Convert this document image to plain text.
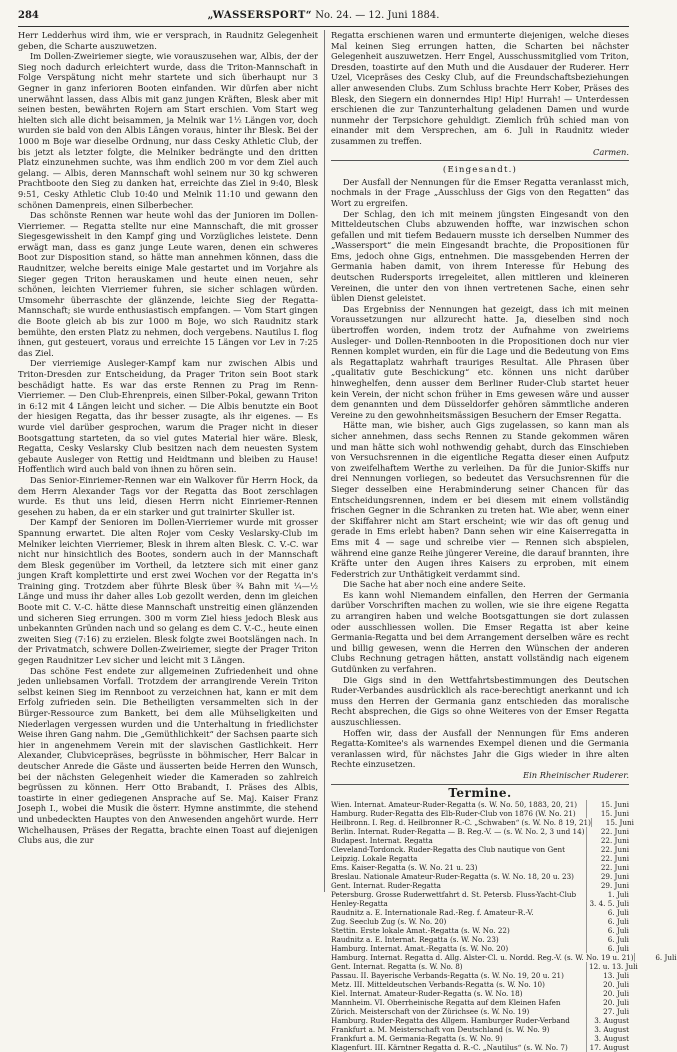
284	„WASSERSPORT“ No. 24. — 12. Juni 1884.

Herr Ledderhus wird ihm, wie er versprach, in Raudnitz Gelegenheit geben, die Scharte auszuwetzen.

Im Dollen-Zweiriemer siegte, wie vorauszusehen war, Albis, der der Sieg noch dadurch erleichtert wurde, dass die Triton-Mannschaft in Folge Verspätung nicht mehr startete und sich überhaupt nur 3 Gegner in ganz inferioren Booten einfanden. Wir dürfen aber nicht unerwähnt lassen, dass Albis mit ganz jungen Kräften, Blesk aber mit seinen besten, bewährten Rojern am Start erschien. Vom Start weg hielten sich alle dicht beisammen, ja Melnik war 1½ Längen vor, doch wurden sie bald von den Albis Längen voraus, hinter ihr Blesk. Bei der 1000 m Boje war dieselbe Ordnung, nur dass Cesky Athletic Club, der bis jetzt als letzter folgte, die Melniker bedrängte und den dritten Platz einzunehmen suchte, was ihm endlich 200 m vor dem Ziel auch gelang. — Albis, deren Mannschaft wohl seinem nur 30 kg schweren Prachtboote den Sieg zu danken hat, erreichte das Ziel in 9:40, Blesk 9:51, Cesky Athletic Club 10:40 und Melnik 11:10 und gewann den schönen Damenpreis, einen Silberbecher.

Das schönste Rennen war heute wohl das der Junioren im Dollen-Vierriemer. — Regatta stellte nur eine Mannschaft, die mit grosser Siegesgewissheit in den Kampf ging und Vorzügliches leistete. Denn erwägt man, dass es ganz junge Leute waren, denen ein schweres Boot zur Disposition stand, so hätte man annehmen können, dass die Raudnitzer, welche bereits einige Male gestartet und im Vorjahre als Sieger gegen Triton herauskamen und heute einen neuen, sehr schönen, leichten Vierriemer fuhren, sie sicher schlagen würden. Umsomehr überraschte der glänzende, leichte Sieg der Regatta-Mannschaft; sie wurde enthusiastisch empfangen. — Vom Start gingen die Boote gleich ab bis zur 1000 m Boje, wo sich Raudnitz stark bemühte, den ersten Platz zu nehmen, doch vergebens. Nautilus I. flog ihnen, gut gesteuert, voraus und erreichte 15 Längen vor Lev in 7:25 das Ziel.

Der vierriemige Ausleger-Kampf kam nur zwischen Albis und Triton-Dresden zur Entscheidung, da Prager Triton sein Boot stark beschädigt hatte. Es war das erste Rennen zu Prag im Renn-Vierriemer. — Den Club-Ehrenpreis, einen Silber-Pokal, gewann Triton in 6:12 mit 4 Längen leicht und sicher. — Die Albis benutzte ein Boot der hiesigen Regatta, das ihr besser zusagte, als ihr eigenes. — Es wurde viel darüber gesprochen, warum die Prager nicht in dieser Bootsgattung starteten, da so viel gutes Material hier wäre. Blesk, Regatta, Cesky Veslarsky Club besitzen nach dem neuesten System gebaute Ausleger von Rettig und Heidtmann und bleiben zu Hause! Hoffentlich wird auch bald von ihnen zu hören sein.

Das Senior-Einriemer-Rennen war ein Walkover für Herrn Hock, da dem Herrn Alexander Tags vor der Regatta das Boot zerschlagen wurde. Es thut uns leid, diesen Herrn nicht Einriemer-Rennen gesehen zu haben, da er ein starker und gut trainirter Skuller ist.

Der Kampf der Senioren im Dollen-Vierriemer wurde mit grosser Spannung erwartet. Die alten Rojer vom Cesky Veslarsky-Club im Melniker leichten Vierriemer, Blesk in ihrem alten Blesk. C. V.-C. war nicht nur hinsichtlich des Bootes, sondern auch in der Mannschaft dem Blesk gegenüber im Vortheil, da letztere sich mit einer ganz jungen Kraft komplettirte und erst zwei Wochen vor der Regatta in's Training ging. Trotzdem aber führte Blesk über ¾ Bahn mit ¼—½ Länge und muss ihr daher alles Lob gezollt werden, denn im gleichen Boote mit C. V.-C. hätte diese Mannschaft unstreitig einen glänzenden und sicheren Sieg errungen. 300 m vorm Ziel hiess jedoch Blesk aus unbekannten Gründen nach und so gelang es dem C. V.-C., heute einen zweiten Sieg (7:16) zu erzielen. Blesk folgte zwei Bootslängen nach. In der Privatmatch, schwere Dollen-Zweiriemer, siegte der Prager Triton gegen Raudnitzer Lev sicher und leicht mit 3 Längen.

Das schöne Fest endete zur allgemeinen Zufriedenheit und ohne jeden unliebsamen Vorfall. Trotzdem der arrangirende Verein Triton selbst keinen Sieg im Rennboot zu verzeichnen hat, kann er mit dem Erfolg zufrieden sein. Die Betheiligten versammelten sich in der Bürger-Ressource zum Bankett, bei dem alle Mühseligkeiten und Niederlagen vergessen wurden und die Unterhaltung in friedlichster Weise ihren Gang nahm. Die „Gemüthlichkeit“ der Sachsen paarte sich hier in angenehmem Verein mit der slavischen Gastlichkeit. Herr Alexander, Clubvicepräses, begrüsste in böhmischer, Herr Balcar in deutscher Anrede die Gäste und äusserten beide Herren den Wunsch, bei der nächsten Gelegenheit wieder die Kameraden so zahlreich begrüssen zu können. Herr Otto Brabandt, I. Präses des Albis, toastirte in einer gediegenen Ansprache auf Se. Maj. Kaiser Franz Joseph I., wobei die Musik die österr. Hymne anstimmte, die stehend und unbedeckten Hauptes von den Anwesenden angehört wurde. Herr Wichelhausen, Präses der Regatta, brachte einen Toast auf diejenigen Clubs aus, die zur

Regatta erschienen waren und ermunterte diejenigen, welche dieses Mal keinen Sieg errungen hatten, die Scharten bei nächster Gelegenheit auszuwetzen. Herr Engel, Ausschussmitglied vom Triton, Dresden, toastirte auf den Muth und die Ausdauer der Ruderer. Herr Uzel, Vicepräses des Cesky Club, auf die Freundschaftsbeziehungen aller anwesenden Clubs. Zum Schluss brachte Herr Kober, Präses des Blesk, den Siegern ein donnerndes Hip! Hip! Hurrah! — Unterdessen erschienen die zur Tanzunterhaltung geladenen Damen und wurde nunmehr der Terpsichore gehuldigt. Ziemlich früh schied man von einander mit dem Versprechen, am 6. Juli in Raudnitz wieder zusammen zu treffen.

Carmen.

(Eingesandt.)

Der Ausfall der Nennungen für die Emser Regatta veranlasst mich, nochmals in der Frage „Ausschluss der Gigs von den Regatten“ das Wort zu ergreifen.

Der Schlag, den ich mit meinem jüngsten Eingesandt von den Mitteldeutschen Clubs abzuwenden hoffte, war inzwischen schon gefallen und mit tiefem Bedauern musste ich derselben Nummer des „Wassersport“ die mein Eingesandt brachte, die Propositionen für Ems, jedoch ohne Gigs, entnehmen. Die massgebenden Herren der Germania haben damit, von ihrem Interesse für Hebung des deutschen Rudersports irregeleitet, allen mittleren und kleineren Vereinen, die unter den von ihnen vertretenen Sache, einen sehr üblen Dienst geleistet.

Das Ergebniss der Nennungen hat gezeigt, dass ich mit meinen Voraussetzungen nur allzurecht hatte. Ja, dieselben sind noch übertroffen worden, indem trotz der Aufnahme von zweiriems Ausleger- und Dollen-Rennbooten in die Propositionen doch nur vier Rennen komplet wurden, ein für die Lage und die Bedeutung von Ems als Regattaplatz wahrhaft trauriges Resultat. Alle Phrasen über „qualitativ gute Beschickung“ etc. können uns nicht darüber hinweghelfen, denn ausser dem Berliner Ruder-Club startet heuer kein Verein, der nicht schon früher in Ems gewesen wäre und ausser dem genannten und dem Düsseldorfer gehören sämmtliche anderen Vereine zu den gewohnheitsmässigen Besuchern der Emser Regatta.

Hätte man, wie bisher, auch Gigs zugelassen, so kann man als sicher annehmen, dass sechs Rennen zu Stande gekommen wären und man hätte sich wohl nothwendig gehabt, durch das Einschieben von Versuchsrennen in die eigentliche Regatta dieser einen Aufputz von zweifelhaftem Werthe zu verleihen. Da für die Junior-Skiffs nur drei Nennungen vorliegen, so bedeutet das Versuchsrennen für die Sieger desselben eine Herabminderung seiner Chancen für das Entscheidungsrennen, indem er bei diesem mit einem vollständig frischen Gegner in die Schranken zu treten hat. Wie aber, wenn einer der Skiffahrer nicht am Start erscheint; wie wir das oft genug und gerade in Ems erlebt haben? Dann sehen wir eine Kaiserregatta in Ems mit 4 — sage und schreibe vier — Rennen sich abspielen, während eine ganze Reihe jüngerer Vereine, die darauf brannten, ihre Kräfte unter den Augen ihres Kaisers zu erproben, mit einem Federstrich zur Unthätigkeit verdammt sind.

Die Sache hat aber noch eine andere Seite.

Es kann wohl Niemandem einfallen, den Herren der Germania darüber Vorschriften machen zu wollen, wie sie ihre eigene Regatta zu arrangiren haben und welche Bootsgattungen sie dort zulassen oder ausschliessen wollen. Die Emser Regatta ist aber keine Germania-Regatta und bei dem Arrangement derselben wäre es recht und billig gewesen, wenn die Herren den Wünschen der anderen Clubs Rechnung getragen hätten, anstatt vollständig nach eigenem Gutdünken zu verfahren.

Die Gigs sind in den Wettfahrtsbestimmungen des Deutschen Ruder-Verbandes ausdrücklich als race-berechtigt anerkannt und ich muss den Herren der Germania ganz entschieden das moralische Recht absprechen, die Gigs so ohne Weiteres von der Emser Regatta auszuschliessen.

Hoffen wir, dass der Ausfall der Nennungen für Ems anderen Regatta-Komitee's als warnendes Exempel dienen und die Germania veranlassen wird, für nächstes Jahr die Gigs wieder in ihre alten Rechte einzusetzen.

Ein Rheinischer Ruderer.

Termine.
Wien. Internat. Amateur-Ruder-Regatta (s. W. No. 50, 1883, 20, 21)	15. Juni
Hamburg. Ruder-Regatta des Elb-Ruder-Club von 1876 (W. No. 21)	15. Juni
Heilbronn. I. Reg. d. Heilbronner R.-C. „Schwaben“ (s. W. No. 8 19, 21)	15. Juni
Berlin. Internat. Ruder-Regatta — B. Reg.-V. — (s. W. No. 2, 3 und 14)	22. Juni
Budapest. Internat. Regatta	22. Juni
Cleveland-Tordonck. Ruder-Regatta des Club nautique von Gent	22. Juni
Leipzig. Lokale Regatta	22. Juni
Ems. Kaiser-Regatta (s. W. No. 21 u. 23)	22. Juni
Breslau. Nationale Amateur-Ruder-Regatta (s. W. No. 18, 20 u. 23)	29. Juni
Gent. Internat. Ruder-Regatta	29. Juni
Petersburg. Grosse Ruderwettfahrt d. St. Petersb. Fluss-Yacht-Club	1. Juli
Henley-Regatta	3. 4. 5. Juli
Raudnitz a. E. Internationale Rad.-Reg. f. Amateur-R.-V.	6. Juli
Zug. Seeclub Zug (s. W. No. 20)	6. Juli
Stettin. Erste lokale Amat.-Regatta (s. W. No. 22)	6. Juli
Raudnitz a. E. Internat. Regatta (s. W. No. 23)	6. Juli
Hamburg. Internat. Amat.-Regatta (s. W. No. 20)	6. Juli
Hamburg. Internat. Regatta d. Allg. Alster-Cl. u. Nordd. Reg.-V. (s. W. No. 19 u. 21)	6. Juli
Gent. Internat. Regatta (s. W. No. 8)	12. u. 13. Juli
Passau. II. Bayerische Verbands-Regatta (s. W. No. 19, 20 u. 21)	13. Juli
Metz. III. Mitteldeutschen Verbands-Regatta (s. W. No. 10)	20. Juli
Kiel. Internat. Amateur-Ruder-Regatta (s. W. No. 18)	20. Juli
Mannheim. VI. Oberrheinische Regatta auf dem Kleinen Hafen	20. Juli
Zürich. Meisterschaft von der Zürichsee (s. W. No. 19)	27. Juli
Hamburg. Ruder-Regatta des Allgem. Hamburger Ruder-Verband	3. August
Frankfurt a. M. Meisterschaft von Deutschland (s. W. No. 9)	3. August
Frankfurt a. M. Germania-Regatta (s. W. No. 9)	3. August
Klagenfurt. III. Kärntner Regatta d. R.-C. „Nautilus“ (s. W. No. 7)	17. August
